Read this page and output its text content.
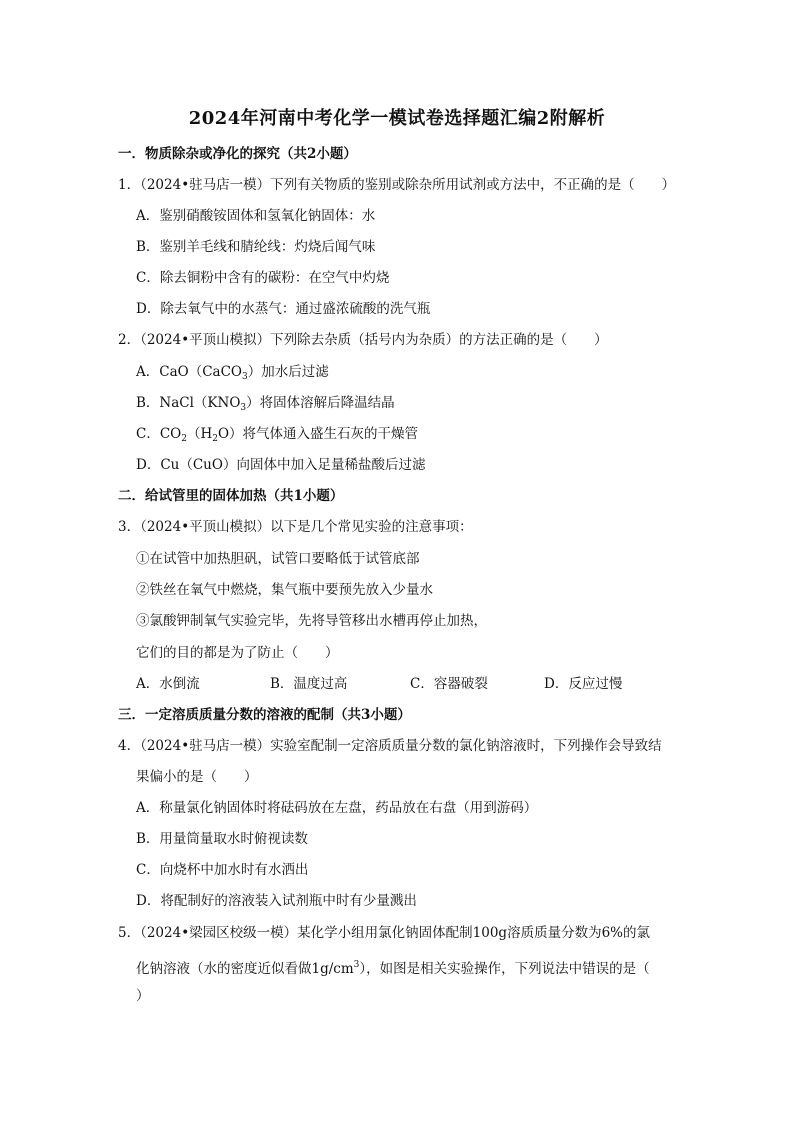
2024年河南中考化学一模试卷选择题汇编2附解析
一．物质除杂或净化的探究（共2小题）
1．（2024•驻马店一模）下列有关物质的鉴别或除杂所用试剂或方法中，不正确的是（　　）
A．鉴别硝酸铵固体和氢氧化钠固体：水
B．鉴别羊毛线和腈纶线：灼烧后闻气味
C．除去铜粉中含有的碳粉：在空气中灼烧
D．除去氧气中的水蒸气：通过盛浓硫酸的洗气瓶
2．（2024•平顶山模拟）下列除去杂质（括号内为杂质）的方法正确的是（　　）
A．CaO（CaCO$_3$）加水后过滤
B．$NaCl(KNO_3)$将固体溶解后降温结晶
C．$CO_2(H_2O)$将气体通入盛生石灰的干燥管
D．Cu（CuO）向固体中加入足量稀盐酸后过滤
二．给试管里的固体加热（共1小题）
3．（2024•平顶山模拟）以下是几个常见实验的注意事项：
①在试管中加热胆矾，试管口要略低于试管底部
②铁丝在氧气中燃烧，集气瓶中要预先放入少量水
③氯酸钾制氧气实验完毕，先将导管移出水槽再停止加热，
它们的目的都是为了防止（　　）
A．水倒流	B．温度过高	C．容器破裂	D．反应过慢
三．一定溶质质量分数的溶液的配制（共3小题）
4．（2024•驻马店一模）实验室配制一定溶质质量分数的氯化钠溶液时，下列操作会导致结
果偏小的是（　　）
A．称量氯化钠固体时将砝码放在左盘，药品放在右盘（用到游码）
B．用量筒量取水时俯视读数
C．向烧杯中加水时有水洒出
D．将配制好的溶液装入试剂瓶中时有少量溅出
5．（2024•梁园区校级一模）某化学小组用氯化钠固体配制100g溶质质量分数为6%的氯
化钠溶液（水的密度近似看做$1g/cm^3$），如图是相关实验操作，下列说法中错误的是（
）
